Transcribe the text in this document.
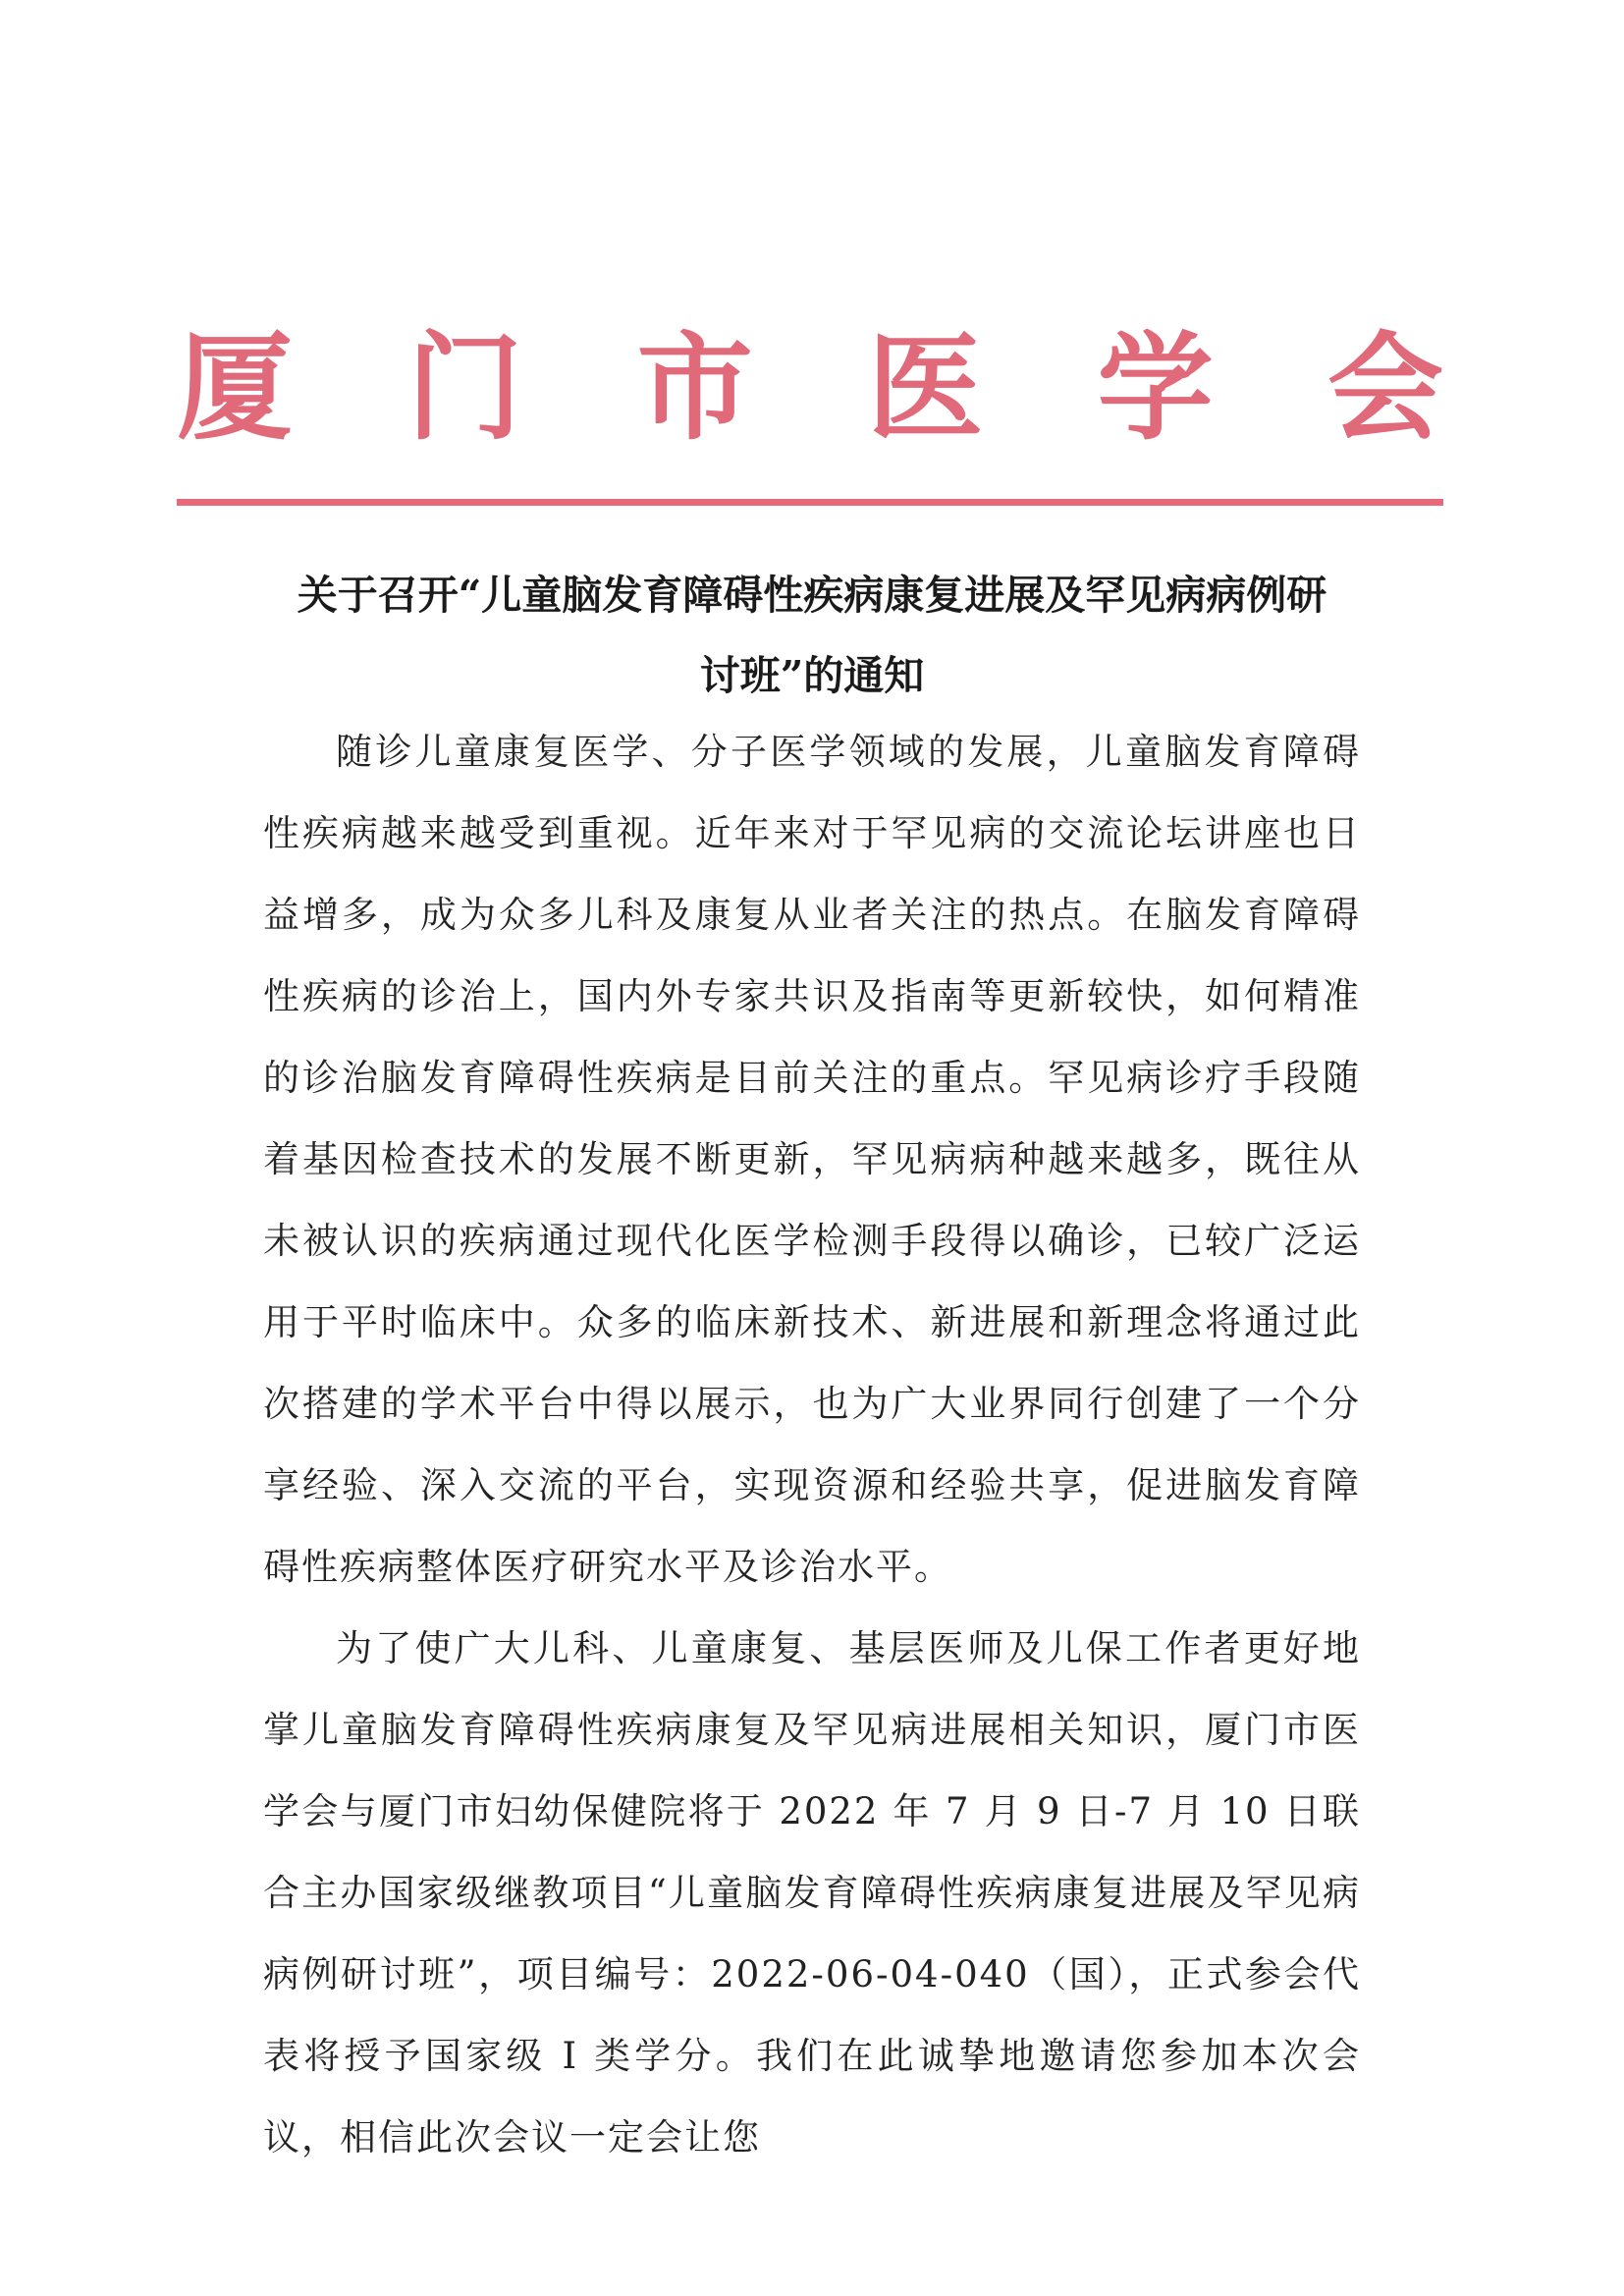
厦 门 市 医 学 会
关于召开“儿童脑发育障碍性疾病康复进展及罕见病病例研
讨班”的通知

随诊儿童康复医学、分子医学领域的发展，儿童脑发育障碍性疾病越来越受到重视。近年来对于罕见病的交流论坛讲座也日益增多，成为众多儿科及康复从业者关注的热点。在脑发育障碍性疾病的诊治上，国内外专家共识及指南等更新较快，如何精准的诊治脑发育障碍性疾病是目前关注的重点。罕见病诊疗手段随着基因检查技术的发展不断更新，罕见病病种越来越多，既往从未被认识的疾病通过现代化医学检测手段得以确诊，已较广泛运用于平时临床中。众多的临床新技术、新进展和新理念将通过此次搭建的学术平台中得以展示，也为广大业界同行创建了一个分享经验、深入交流的平台，实现资源和经验共享，促进脑发育障碍性疾病整体医疗研究水平及诊治水平。

为了使广大儿科、儿童康复、基层医师及儿保工作者更好地掌儿童脑发育障碍性疾病康复及罕见病进展相关知识，厦门市医学会与厦门市妇幼保健院将于 2022 年 7 月 9 日-7 月 10 日联合主办国家级继教项目“儿童脑发育障碍性疾病康复进展及罕见病病例研讨班”，项目编号：2022-06-04-040（国），正式参会代表将授予国家级 I 类学分。我们在此诚挚地邀请您参加本次会议，相信此次会议一定会让您
